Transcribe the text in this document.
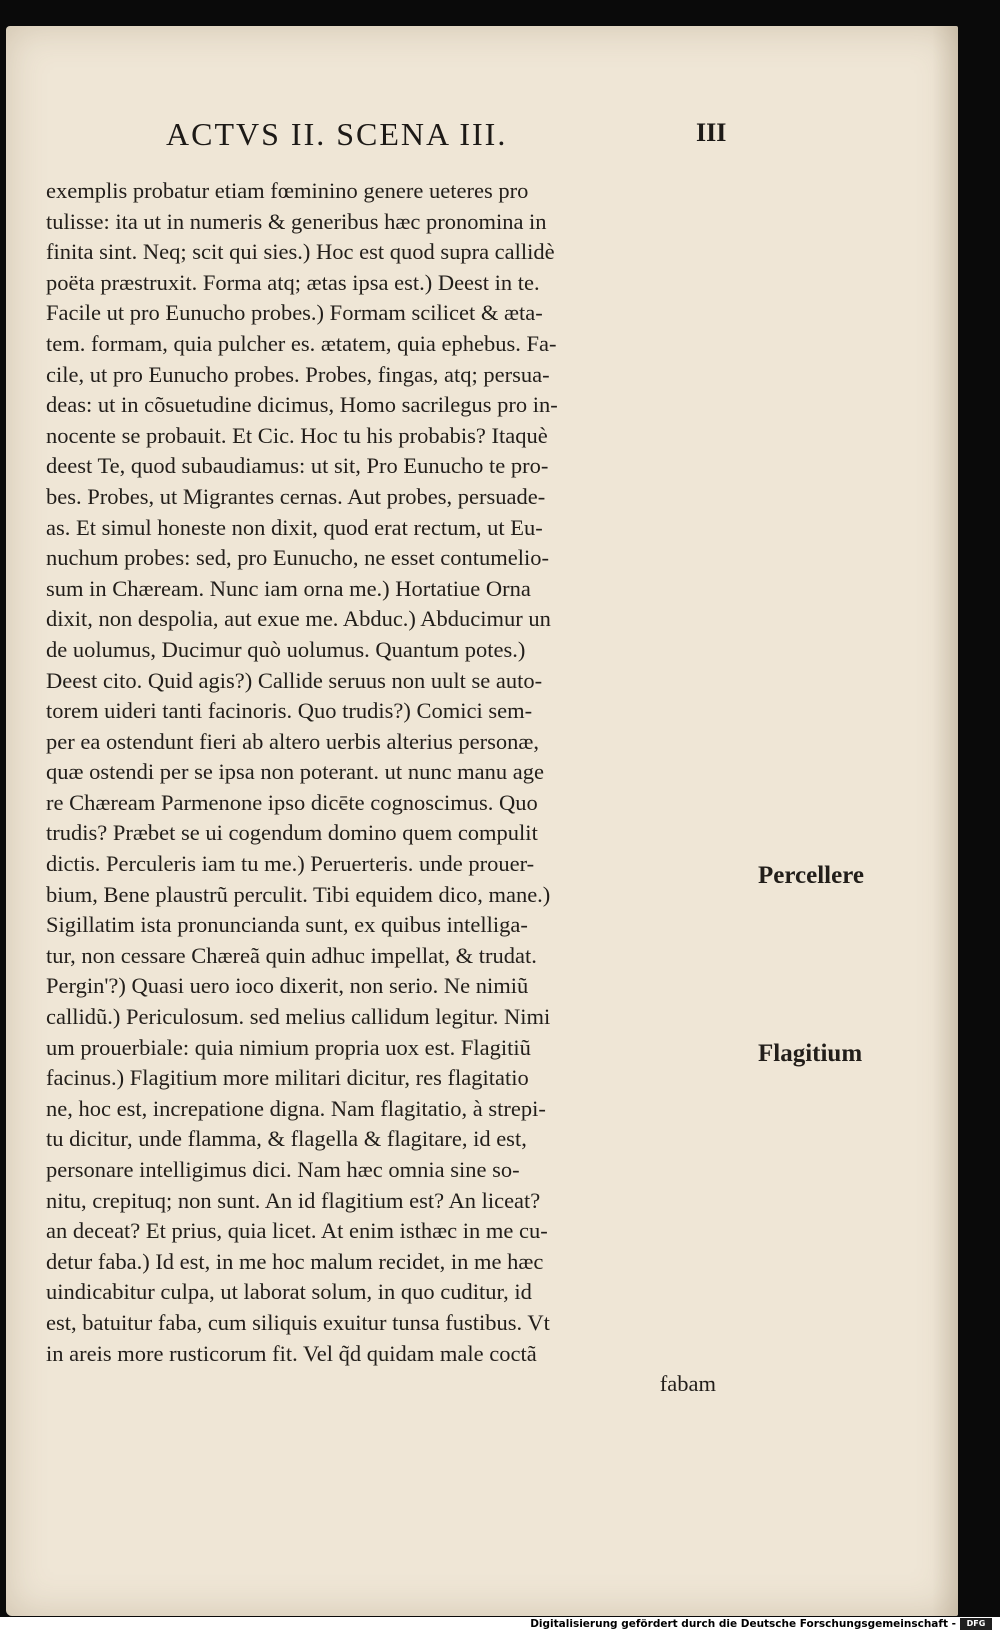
ACTVS II. SCENA III.	III
exemplis probatur etiam fœminino genere ueteres pro
tulisse: ita ut in numeris & generibus hæc pronomina in
finita sint. Neq; scit qui sies.) Hoc est quod supra callidè
poëta præstruxit. Forma atq; ætas ipsa est.) Deest in te.
Facile ut pro Eunucho probes.) Formam scilicet & æta-
tem. formam, quia pulcher es. ætatem, quia ephebus. Fa-
cile, ut pro Eunucho probes. Probes, fingas, atq; persua-
deas: ut in cõsuetudine dicimus, Homo sacrilegus pro in-
nocente se probauit. Et Cic. Hoc tu his probabis? Itaquè
deest Te, quod subaudiamus: ut sit, Pro Eunucho te pro-
bes. Probes, ut Migrantes cernas. Aut probes, persuade-
as. Et simul honeste non dixit, quod erat rectum, ut Eu-
nuchum probes: sed, pro Eunucho, ne esset contumelio-
sum in Chæream. Nunc iam orna me.) Hortatiue Orna
dixit, non despolia, aut exue me. Abduc.) Abducimur un
de uolumus, Ducimur quò uolumus. Quantum potes.)
Deest cito. Quid agis?) Callide seruus non uult se auto-
torem uideri tanti facinoris. Quo trudis?) Comici sem-
per ea ostendunt fieri ab altero uerbis alterius personæ,
quæ ostendi per se ipsa non poterant. ut nunc manu age
re Chæream Parmenone ipso dicēte cognoscimus. Quo
trudis? Præbet se ui cogendum domino quem compulit
dictis. Perculeris iam tu me.) Peruerteris. unde prouer-
bium, Bene plaustrũ perculit. Tibi equidem dico, mane.)
Sigillatim ista pronuncianda sunt, ex quibus intelliga-
tur, non cessare Chæreã quin adhuc impellat, & trudat.
Pergin'?) Quasi uero ioco dixerit, non serio. Ne nimiũ
callidũ.) Periculosum. sed melius callidum legitur. Nimi
um prouerbiale: quia nimium propria uox est. Flagitiũ
facinus.) Flagitium more militari dicitur, res flagitatio
ne, hoc est, increpatione digna. Nam flagitatio, à strepi-
tu dicitur, unde flamma, & flagella & flagitare, id est,
personare intelligimus dici. Nam hæc omnia sine so-
nitu, crepituq; non sunt. An id flagitium est? An liceat?
an deceat? Et prius, quia licet. At enim isthæc in me cu-
detur faba.) Id est, in me hoc malum recidet, in me hæc
uindicabitur culpa, ut laborat solum, in quo cuditur, id
est, batuitur faba, cum siliquis exuitur tunsa fustibus. Vt
in areis more rusticorum fit. Vel q̃d quidam male coctã
fabam
Percellere
Flagitium
Digitalisierung gefördert durch die Deutsche Forschungsgemeinschaft -	DFG
